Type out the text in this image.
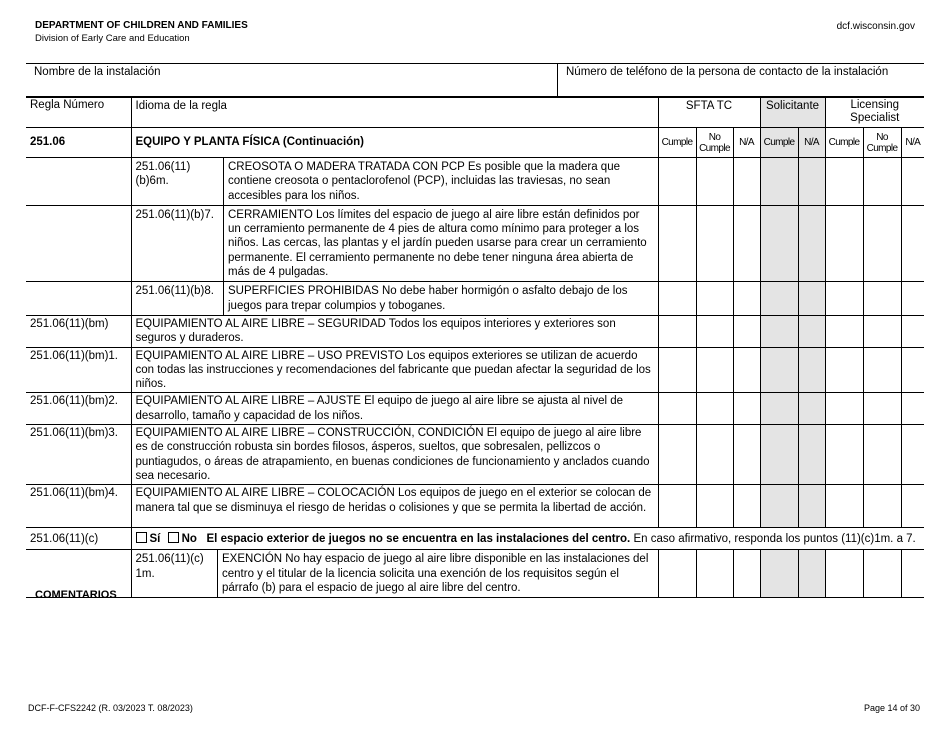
DEPARTMENT OF CHILDREN AND FAMILIES
Division of Early Care and Education
dcf.wisconsin.gov
Nombre de la instalación	Número de teléfono de la persona de contacto de la instalación
Regla Número	Idioma de la regla	SFTA TC	Solicitante	Licensing Specialist
251.06	EQUIPO Y PLANTA FÍSICA (Continuación)	Cumple	No Cumple	N/A	Cumple	N/A	Cumple	No Cumple	N/A

251.06(11)(b)6m.	CREOSOTA O MADERA TRATADA CON PCP Es posible que la madera que contiene creosota o pentaclorofenol (PCP), incluidas las traviesas, no sean accesibles para los niños.

251.06(11)(b)7.	CERRAMIENTO Los límites del espacio de juego al aire libre están definidos por un cerramiento permanente de 4 pies de altura como mínimo para proteger a los niños. Las cercas, las plantas y el jardín pueden usarse para crear un cerramiento permanente. El cerramiento permanente no debe tener ninguna área abierta de más de 4 pulgadas.

251.06(11)(b)8.	SUPERFICIES PROHIBIDAS No debe haber hormigón o asfalto debajo de los juegos para trepar columpios y toboganes.

251.06(11)(bm)	EQUIPAMIENTO AL AIRE LIBRE – SEGURIDAD Todos los equipos interiores y exteriores son seguros y duraderos.								
251.06(11)(bm)1.	EQUIPAMIENTO AL AIRE LIBRE – USO PREVISTO Los equipos exteriores se utilizan de acuerdo con todas las instrucciones y recomendaciones del fabricante que puedan afectar la seguridad de los niños.								
251.06(11)(bm)2.	EQUIPAMIENTO AL AIRE LIBRE – AJUSTE El equipo de juego al aire libre se ajusta al nivel de desarrollo, tamaño y capacidad de los niños.								
251.06(11)(bm)3.	EQUIPAMIENTO AL AIRE LIBRE – CONSTRUCCIÓN, CONDICIÓN El equipo de juego al aire libre es de construcción robusta sin bordes filosos, ásperos, sueltos, que sobresalen, pellizcos o puntiagudos, o áreas de atrapamiento, en buenas condiciones de funcionamiento y anclados cuando sea necesario.								
251.06(11)(bm)4.	EQUIPAMIENTO AL AIRE LIBRE – COLOCACIÓN Los equipos de juego en el exterior se colocan de manera tal que se disminuya el riesgo de heridas o colisiones y que se permita la libertad de acción.								
251.06(11)(c)	Sí No El espacio exterior de juegos no se encuentra en las instalaciones del centro. En caso afirmativo, responda los puntos (11)(c)1m. a 7.

251.06(11)(c) 1m.	EXENCIÓN No hay espacio de juego al aire libre disponible en las instalaciones del centro y el titular de la licencia solicita una exención de los requisitos según el párrafo (b) para el espacio de juego al aire libre del centro.

COMENTARIOS
DCF-F-CFS2242 (R. 03/2023 T. 08/2023)	Page 14 of 30
